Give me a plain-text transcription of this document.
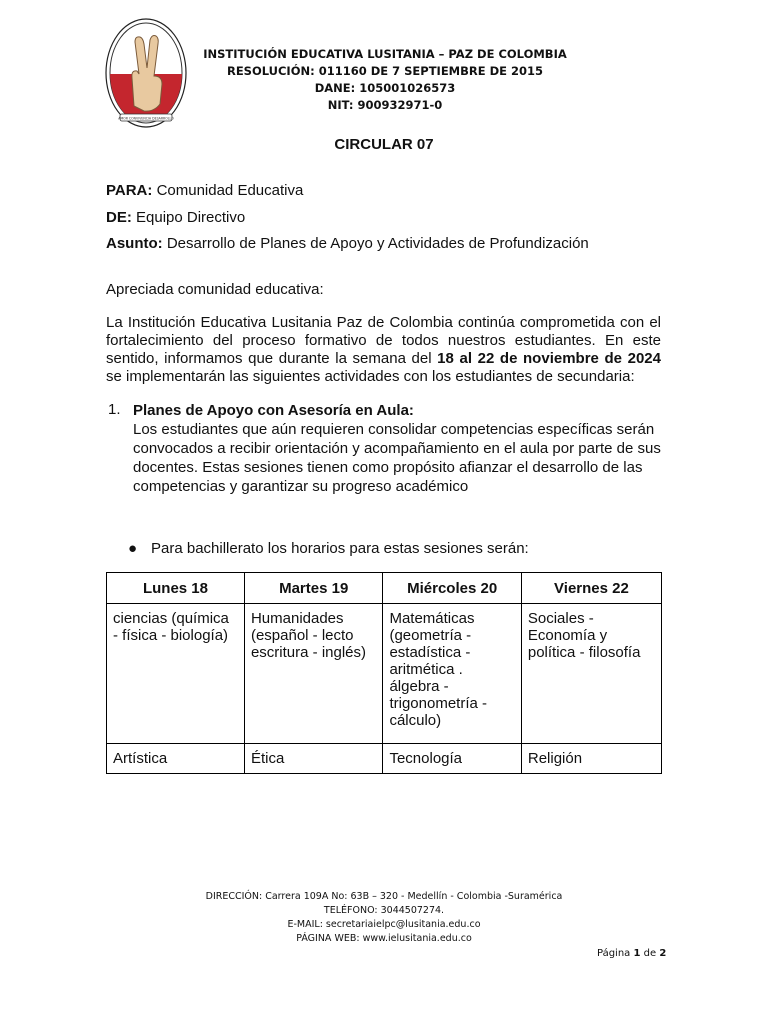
AMOR CONVIVENCIA DESARROLLO
INSTITUCIÓN EDUCATIVA LUSITANIA – PAZ DE COLOMBIA
RESOLUCIÓN: 011160 DE 7 SEPTIEMBRE DE 2015
DANE: 105001026573
NIT: 900932971-0
CIRCULAR 07
PARA: Comunidad Educativa
DE: Equipo Directivo
Asunto: Desarrollo de Planes de Apoyo y Actividades de Profundización
Apreciada comunidad educativa:
La Institución Educativa Lusitania Paz de Colombia continúa comprometida con el fortalecimiento del proceso formativo de todos nuestros estudiantes. En este sentido, informamos que durante la semana del 18 al 22 de noviembre de 2024 se implementarán las siguientes actividades con los estudiantes de secundaria:
1. Planes de Apoyo con Asesoría en Aula:
Los estudiantes que aún requieren consolidar competencias específicas serán convocados a recibir orientación y acompañamiento en el aula por parte de sus docentes. Estas sesiones tienen como propósito afianzar el desarrollo de las competencias y garantizar su progreso académico
● Para bachillerato los horarios para estas sesiones serán:
Lunes 18	Martes 19	Miércoles 20	Viernes 22
ciencias (química - física - biología)	Humanidades (español - lecto escritura - inglés)	Matemáticas (geometría - estadística - aritmética . álgebra - trigonometría - cálculo)	Sociales - Economía y política - filosofía
Artística	Ética	Tecnología	Religión
DIRECCIÓN: Carrera 109A No: 63B – 320 - Medellín - Colombia -Suramérica
TELÉFONO: 3044507274.
E-MAIL: secretariaielpc@lusitania.edu.co
PÁGINA WEB: www.ielusitania.edu.co
Página 1 de 2
